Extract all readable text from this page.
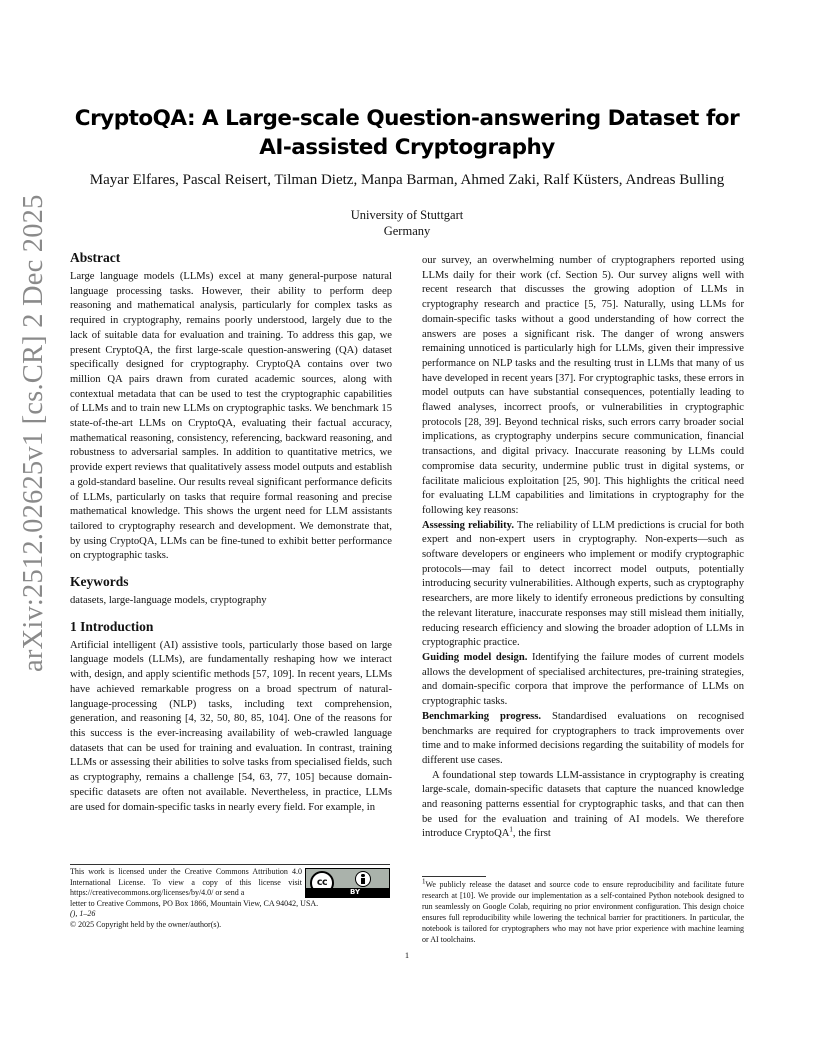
arXiv:2512.02625v1 [cs.CR] 2 Dec 2025
CryptoQA: A Large-scale Question-answering Dataset for AI-assisted Cryptography
Mayar Elfares, Pascal Reisert, Tilman Dietz, Manpa Barman, Ahmed Zaki, Ralf Küsters, Andreas Bulling
University of Stuttgart
Germany
Abstract

Large language models (LLMs) excel at many general-purpose natural language processing tasks. However, their ability to perform deep reasoning and mathematical analysis, particularly for complex tasks as required in cryptography, remains poorly understood, largely due to the lack of suitable data for evaluation and training. To address this gap, we present CryptoQA, the first large-scale question-answering (QA) dataset specifically designed for cryptography. CryptoQA contains over two million QA pairs drawn from curated academic sources, along with contextual metadata that can be used to test the cryptographic capabilities of LLMs and to train new LLMs on cryptographic tasks. We benchmark 15 state-of-the-art LLMs on CryptoQA, evaluating their factual accuracy, mathematical reasoning, consistency, referencing, backward reasoning, and robustness to adversarial samples. In addition to quantitative metrics, we provide expert reviews that qualitatively assess model outputs and establish a gold-standard baseline. Our results reveal significant performance deficits of LLMs, particularly on tasks that require formal reasoning and precise mathematical knowledge. This shows the urgent need for LLM assistants tailored to cryptography research and development. We demonstrate that, by using CryptoQA, LLMs can be fine-tuned to exhibit better performance on cryptographic tasks.

Keywords

datasets, large-language models, cryptography

1 Introduction

Artificial intelligent (AI) assistive tools, particularly those based on large language models (LLMs), are fundamentally reshaping how we interact with, design, and apply scientific methods [57, 109]. In recent years, LLMs have achieved remarkable progress on a broad spectrum of natural-language-processing (NLP) tasks, including text comprehension, generation, and reasoning [4, 32, 50, 80, 85, 104]. One of the reasons for this success is the ever-increasing availability of web-crawled language datasets that can be used for training and evaluation. In contrast, training LLMs or assessing their abilities to solve tasks from specialised fields, such as cryptography, remains a challenge [54, 63, 77, 105] because domain-specific datasets are often not available. Nevertheless, in practice, LLMs are used for domain-specific tasks in nearly every field. For example, in

our survey, an overwhelming number of cryptographers reported using LLMs daily for their work (cf. Section 5). Our survey aligns well with recent research that discusses the growing adoption of LLMs in cryptography research and practice [5, 75]. Naturally, using LLMs for domain-specific tasks without a good understanding of how correct the answers are poses a significant risk. The danger of wrong answers remaining unnoticed is particularly high for LLMs, given their impressive performance on NLP tasks and the resulting trust in LLMs that many of us have developed in recent years [37]. For cryptographic tasks, these errors in model outputs can have substantial consequences, potentially leading to flawed analyses, incorrect proofs, or vulnerabilities in cryptographic protocols [28, 39]. Beyond technical risks, such errors carry broader social implications, as cryptography underpins secure communication, financial transactions, and digital privacy. Inaccurate reasoning by LLMs could compromise data security, undermine public trust in digital systems, or facilitate malicious exploitation [25, 90]. This highlights the critical need for evaluating LLM capabilities and limitations in cryptography for the following key reasons:

Assessing reliability. The reliability of LLM predictions is crucial for both expert and non-expert users in cryptography. Non-experts—such as software developers or engineers who implement or modify cryptographic protocols—may fail to detect incorrect model outputs, potentially introducing security vulnerabilities. Although experts, such as cryptography researchers, are more likely to identify erroneous predictions by consulting the relevant literature, inaccurate responses may still mislead them initially, reducing research efficiency and slowing the broader adoption of LLMs in cryptographic practice.

Guiding model design. Identifying the failure modes of current models allows the development of specialised architectures, pre-training strategies, and domain-specific corpora that improve the performance of LLMs on cryptographic tasks.

Benchmarking progress. Standardised evaluations on recognised benchmarks are required for cryptographers to track improvements over time and to make informed decisions regarding the suitability of models for different use cases.

A foundational step towards LLM-assistance in cryptography is creating large-scale, domain-specific datasets that capture the nuanced knowledge and reasoning patterns essential for cryptographic tasks, and that can then be used for the evaluation and training of AI models. We therefore introduce CryptoQA$^1$, the first

This work is licensed under the Creative Commons Attribution 4.0 International License. To view a copy of this license visit https://creativecommons.org/licenses/by/4.0/ or send a
letter to Creative Commons, PO Box 1866, Mountain View, CA 94042, USA.
(), 1–26
© 2025 Copyright held by the owner/author(s).
cc
BY
1We publicly release the dataset and source code to ensure reproducibility and facilitate future research at [10]. We provide our implementation as a self-contained Python notebook designed to run seamlessly on Google Colab, requiring no prior environment configuration. This design choice ensures full reproducibility while lowering the technical barrier for practitioners. In particular, the notebook is tailored for cryptographers who may not have prior experience with machine learning or AI toolchains.
1
